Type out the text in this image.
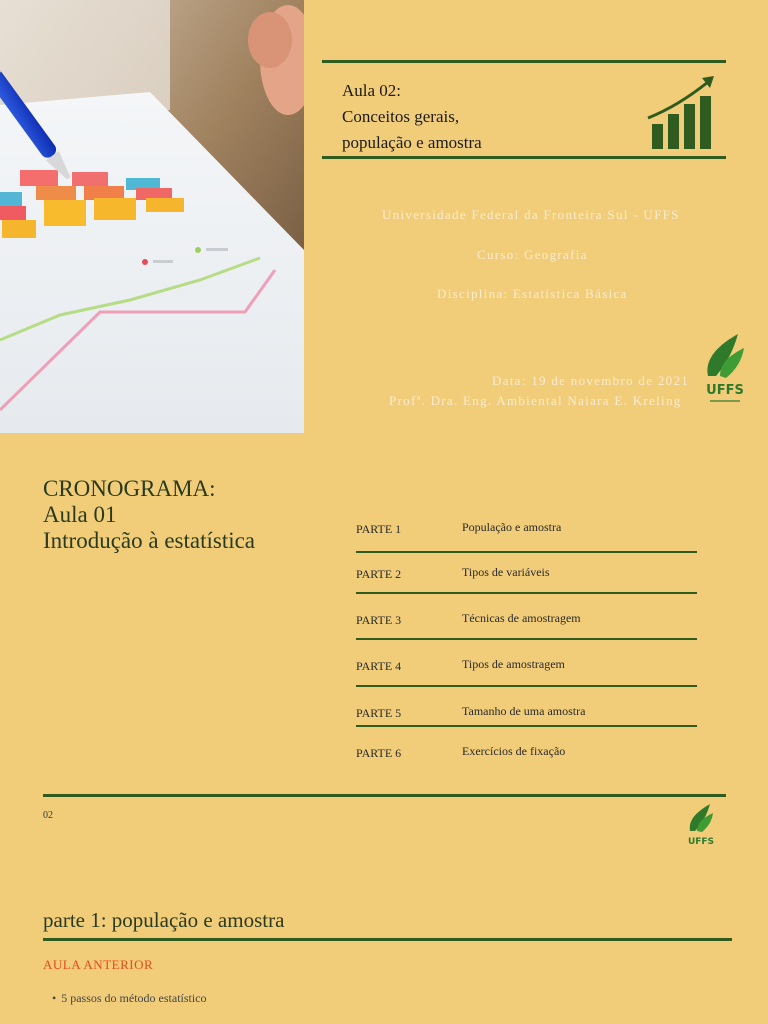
Aula 02:
Conceitos gerais,
população e amostra
Universidade Federal da Fronteira Sul - UFFS
Curso: Geografia
Disciplina: Estatística Básica
Data: 19 de novembro de 2021
Profª. Dra. Eng. Ambiental Naiara E. Kreling
UFFS
CRONOGRAMA:
Aula 01
Introdução à estatística	PARTE 1	População e amostra
PARTE 2	Tipos de variáveis
PARTE 3	Técnicas de amostragem
PARTE 4	Tipos de amostragem
PARTE 5	Tamanho de uma amostra
PARTE 6	Exercícios de fixação
02
UFFS
parte 1: população e amostra
AULA ANTERIOR
• 5 passos do método estatístico
